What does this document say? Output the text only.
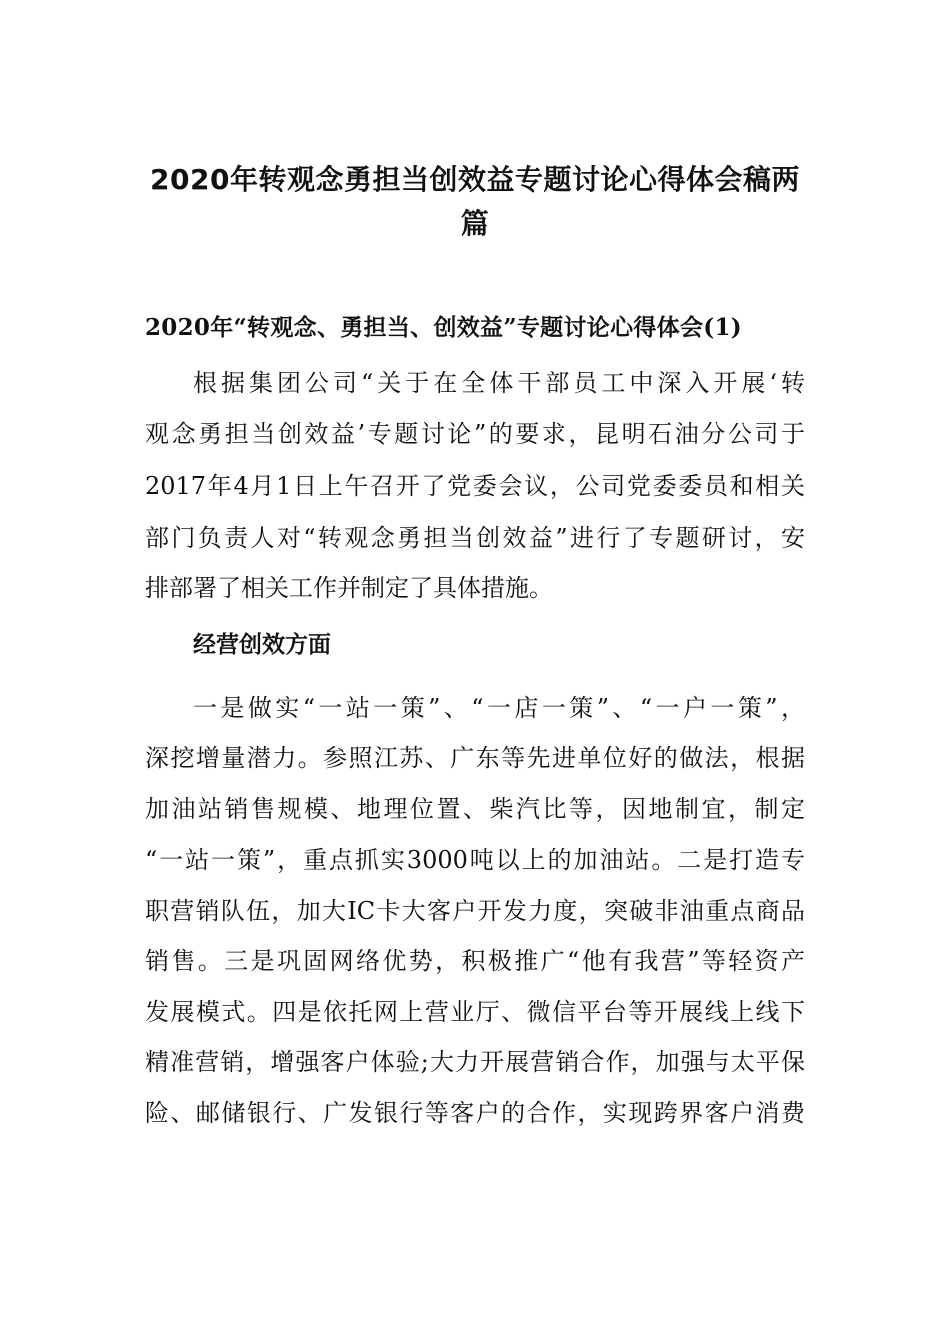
2020年转观念勇担当创效益专题讨论心得体会稿两
篇
2020年“转观念、勇担当、创效益”专题讨论心得体会(1)
根据集团公司“关于在全体干部员工中深入开展‘转
观念勇担当创效益’专题讨论”的要求，昆明石油分公司于
2017年4月1日上午召开了党委会议，公司党委委员和相关
部门负责人对“转观念勇担当创效益”进行了专题研讨，安
排部署了相关工作并制定了具体措施。
经营创效方面
一是做实“一站一策”、“一店一策”、“一户一策”，
深挖增量潜力。参照江苏、广东等先进单位好的做法，根据
加油站销售规模、地理位置、柴汽比等，因地制宜，制定
“一站一策”，重点抓实3000吨以上的加油站。二是打造专
职营销队伍，加大IC卡大客户开发力度，突破非油重点商品
销售。三是巩固网络优势，积极推广“他有我营”等轻资产
发展模式。四是依托网上营业厅、微信平台等开展线上线下
精准营销，增强客户体验;大力开展营销合作，加强与太平保
险、邮储银行、广发银行等客户的合作，实现跨界客户消费
